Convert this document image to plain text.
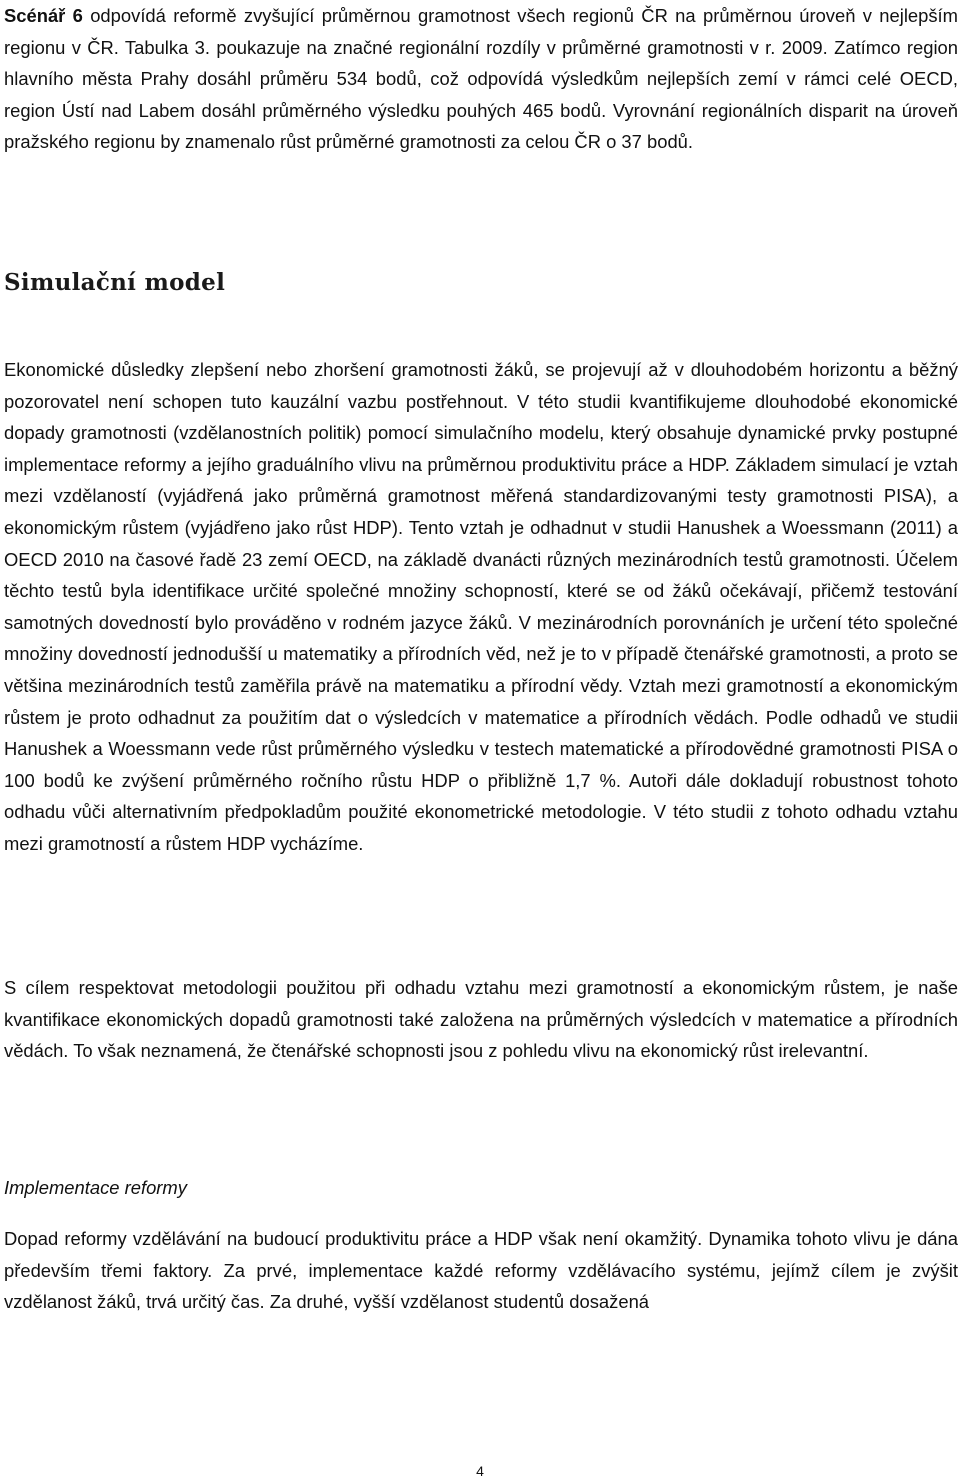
Scénář 6 odpovídá reformě zvyšující průměrnou gramotnost všech regionů ČR na průměrnou úroveň v nejlepším regionu v ČR. Tabulka 3. poukazuje na značné regionální rozdíly v průměrné gramotnosti v r. 2009. Zatímco region hlavního města Prahy dosáhl průměru 534 bodů, což odpovídá výsledkům nejlepších zemí v rámci celé OECD, region Ústí nad Labem dosáhl průměrného výsledku pouhých 465 bodů. Vyrovnání regionálních disparit na úroveň pražského regionu by znamenalo růst průměrné gramotnosti za celou ČR o 37 bodů.

Simulační model

Ekonomické důsledky zlepšení nebo zhoršení gramotnosti žáků, se projevují až v dlouhodobém horizontu a běžný pozorovatel není schopen tuto kauzální vazbu postřehnout. V této studii kvantifikujeme dlouhodobé ekonomické dopady gramotnosti (vzdělanostních politik) pomocí simulačního modelu, který obsahuje dynamické prvky postupné implementace reformy a jejího graduálního vlivu na průměrnou produktivitu práce a HDP. Základem simulací je vztah mezi vzdělaností (vyjádřená jako průměrná gramotnost měřená standardizovanými testy gramotnosti PISA), a ekonomickým růstem (vyjádřeno jako růst HDP). Tento vztah je odhadnut v studii Hanushek a Woessmann (2011) a OECD 2010 na časové řadě 23 zemí OECD, na základě dvanácti různých mezinárodních testů gramotnosti. Účelem těchto testů byla identifikace určité společné množiny schopností, které se od žáků očekávají, přičemž testování samotných dovedností bylo prováděno v rodném jazyce žáků. V mezinárodních porovnáních je určení této společné množiny dovedností jednodušší u matematiky a přírodních věd, než je to v případě čtenářské gramotnosti, a proto se většina mezinárodních testů zaměřila právě na matematiku a přírodní vědy. Vztah mezi gramotností a ekonomickým růstem je proto odhadnut za použitím dat o výsledcích v matematice a přírodních vědách. Podle odhadů ve studii Hanushek a Woessmann vede růst průměrného výsledku v testech matematické a přírodovědné gramotnosti PISA o 100 bodů ke zvýšení průměrného ročního růstu HDP o přibližně 1,7 %. Autoři dále dokladují robustnost tohoto odhadu vůči alternativním předpokladům použité ekonometrické metodologie. V této studii z tohoto odhadu vztahu mezi gramotností a růstem HDP vycházíme.

S cílem respektovat metodologii použitou při odhadu vztahu mezi gramotností a ekonomickým růstem, je naše kvantifikace ekonomických dopadů gramotnosti také založena na průměrných výsledcích v matematice a přírodních vědách. To však neznamená, že čtenářské schopnosti jsou z pohledu vlivu na ekonomický růst irelevantní.

Implementace reformy

Dopad reformy vzdělávání na budoucí produktivitu práce a HDP však není okamžitý. Dynamika tohoto vlivu je dána především třemi faktory. Za prvé, implementace každé reformy vzdělávacího systému, jejímž cílem je zvýšit vzdělanost žáků, trvá určitý čas. Za druhé, vyšší vzdělanost studentů dosažená

4
